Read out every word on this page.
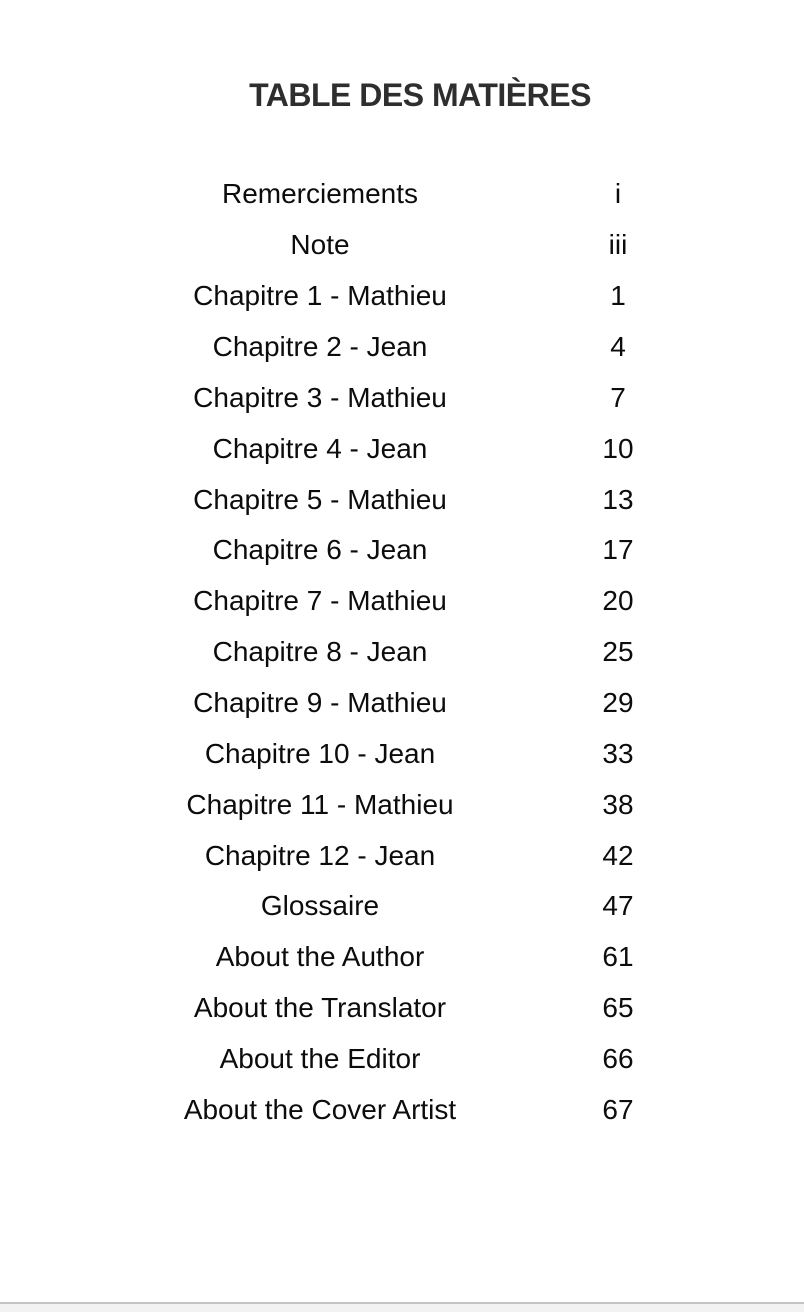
TABLE DES MATIÈRES
Remerciements	i
Note	iii
Chapitre 1 - Mathieu	1
Chapitre 2 - Jean	4
Chapitre 3 - Mathieu	7
Chapitre 4 - Jean	10
Chapitre 5 - Mathieu	13
Chapitre 6 - Jean	17
Chapitre 7 - Mathieu	20
Chapitre 8 - Jean	25
Chapitre 9 - Mathieu	29
Chapitre 10 - Jean	33
Chapitre 11 - Mathieu	38
Chapitre 12 - Jean	42
Glossaire	47
About the Author	61
About the Translator	65
About the Editor	66
About the Cover Artist	67
